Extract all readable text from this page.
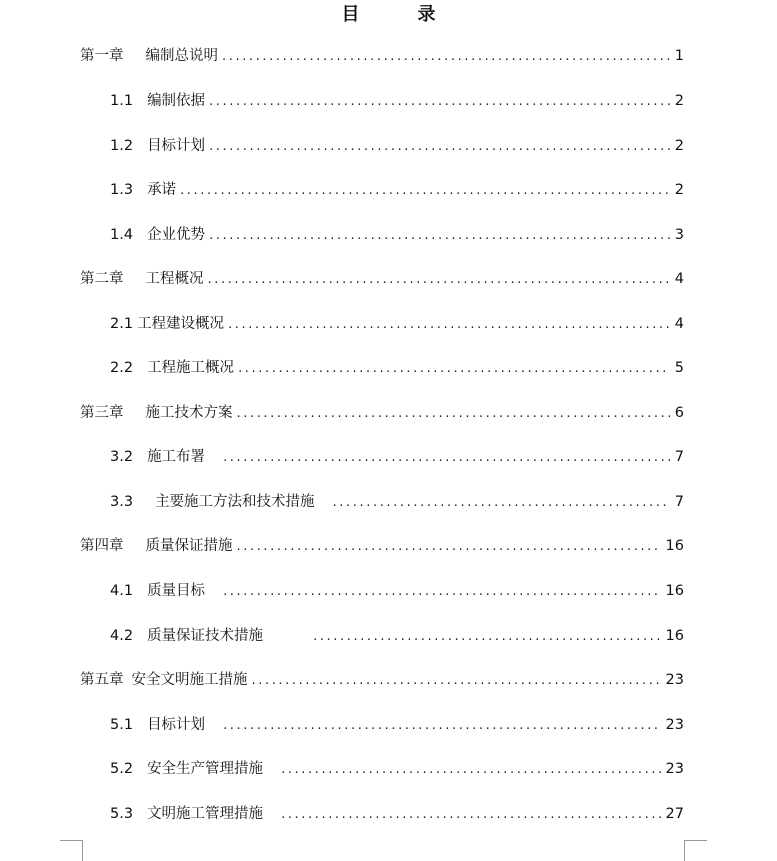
目	录
第一章 编制总说明 .....	1
1.1 编制依据 .....	2
1.2 目标计划 .....	2
1.3 承诺 .....	2
1.4 企业优势 .....	3
第二章 工程概况 .....	4
2.1 工程建设概况 .....	4
2.2 工程施工概况 .....	5
第三章 施工技术方案 .....	6
3.2 施工布署 .....	7
3.3 主要施工方法和技术措施 .....	7
第四章 质量保证措施 .....	16
4.1 质量目标 .....	16
4.2 质量保证技术措施 .....	16
第五章 安全文明施工措施 .....	23
5.1 目标计划 .....	23
5.2 安全生产管理措施 .....	23
5.3 文明施工管理措施 .....	27
